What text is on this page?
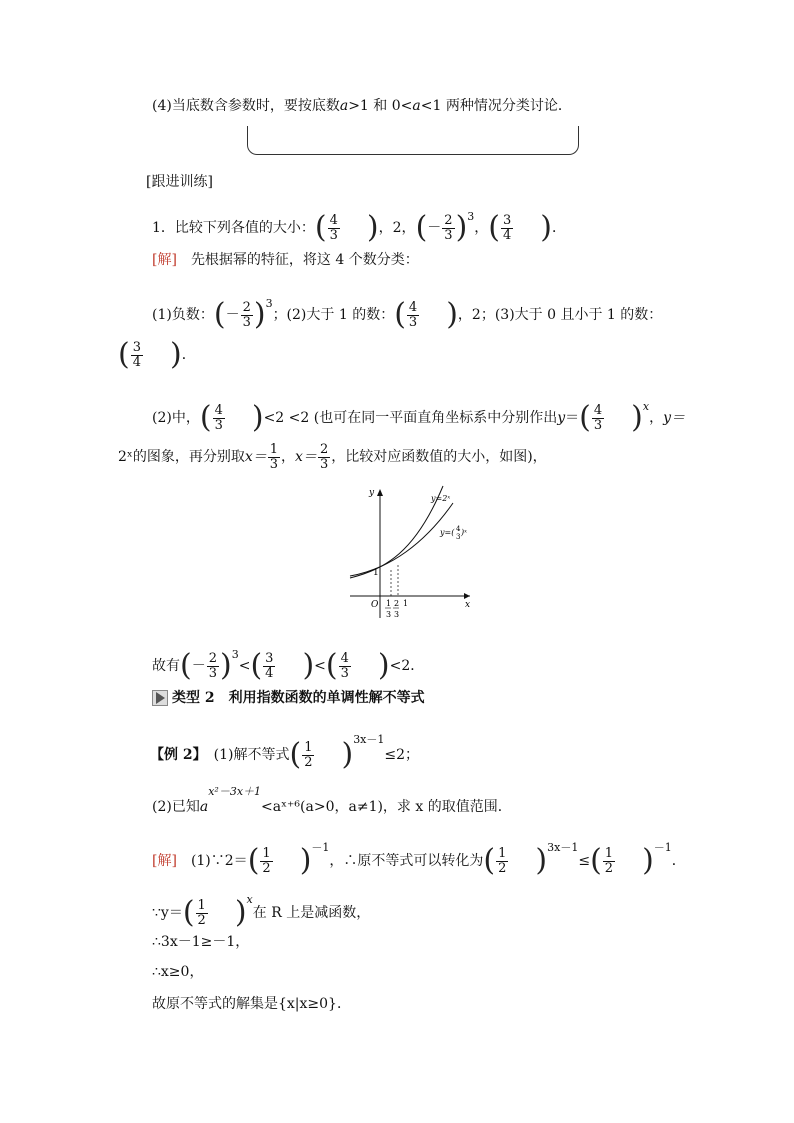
(4)当底数含参数时，要按底数a>1 和 0<a<1 两种情况分类讨论．
[跟进训练]
1．比较下列各值的大小：( $\frac{4}{3}$ )，2，(－ $\frac{2}{3} )^3$，( $\frac{3}{4}$ )．
[解]　 先根据幂的特征，将这 4 个数分类：
(1)负数：(－ $\frac{2}{3} )^3$；(2)大于 1 的数：( $\frac{4}{3}$ )，2；(3)大于 0 且小于 1 的数：
( $\frac{3}{4}$ )．
(2)中，( $\frac{4}{3} )<2 <2$ (也可在同一平面直角坐标系中分别作出$y=( \frac{4}{3} )^x$，y＝
2ˣ的图象，再分别取$x= \frac{1}{3}$ ，$x= \frac{2}{3}$ ，比较对应函数值的大小，如图)，
y
x
O
1
1
3
2
3
1
y=2ˣ
y=( 4
3 )ˣ
故有(－ $\frac{2}{3} )^3<( \frac{3}{4}$ )<( $\frac{4}{3} )<2$．
类型 2　利用指数函数的单调性解不等式
【例 2】　 (1)解不等式( $\frac{1}{2} )^{3x-1}\le 2$；
(2)已知$a^{x^2-3x+1}<aˣ^{+6}(a>0$，a≠1)，求 x 的取值范围．
[解]　 (1)∵2＝( $\frac{1}{2} )^{-1}$，∴原不等式可以转化为( $\frac{1}{2} )^{3x-1}\le( \frac{1}{2} )^{-1}$．
∵y＝( $\frac{1}{2} )^x$在 R 上是减函数，
∴3x－1≥－1，
∴x≥0，
故原不等式的解集是{x|x≥0}．
